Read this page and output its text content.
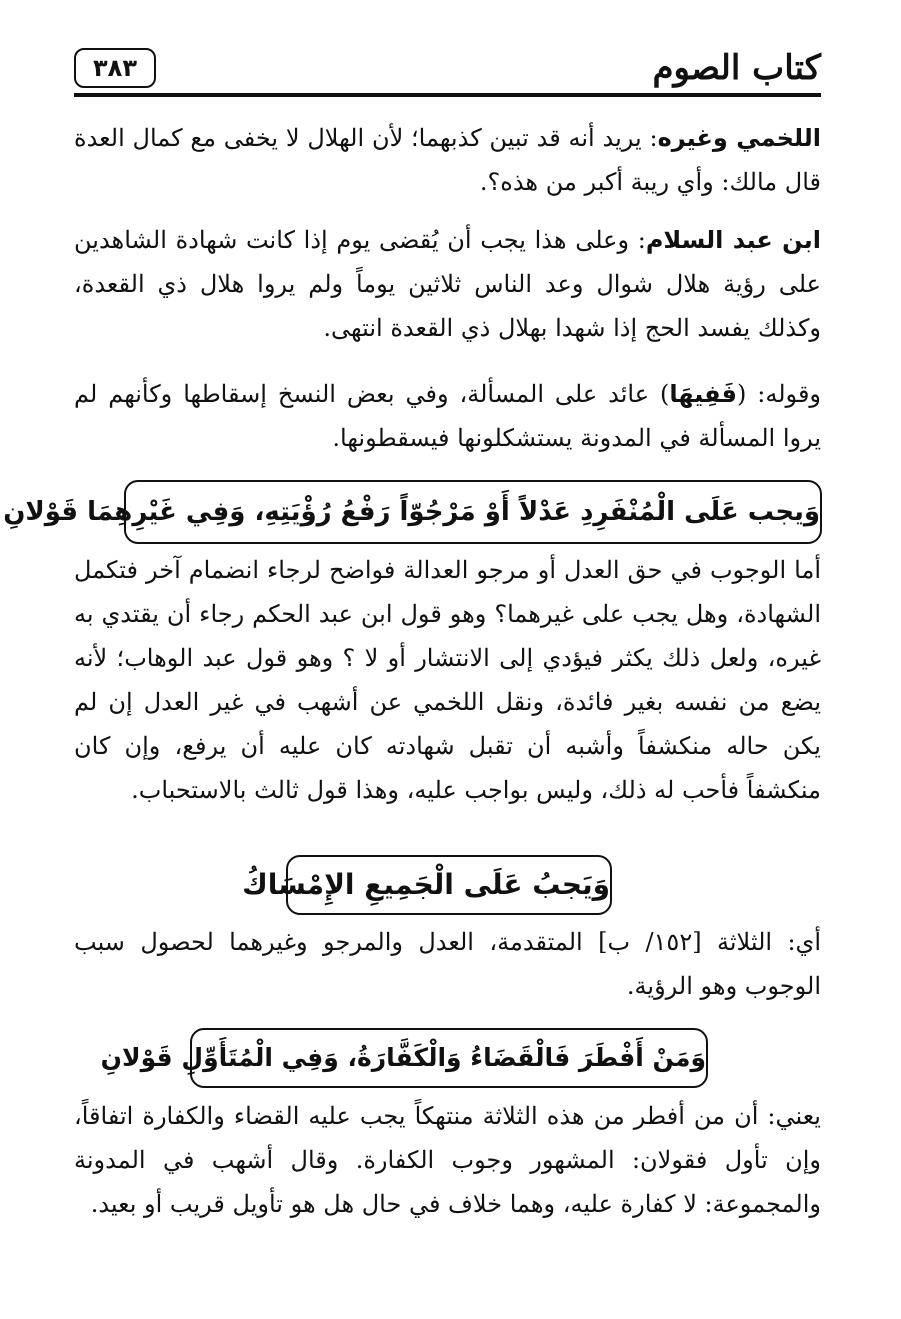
كتاب الصوم
٣٨٣

اللخمي وغيره: يريد أنه قد تبين كذبهما؛ لأن الهلال لا يخفى مع كمال العدة قال مالك: وأي ريبة أكبر من هذه؟.

ابن عبد السلام: وعلى هذا يجب أن يُقضى يوم إذا كانت شهادة الشاهدين على رؤية هلال شوال وعد الناس ثلاثين يوماً ولم يروا هلال ذي القعدة، وكذلك يفسد الحج إذا شهدا بهلال ذي القعدة انتهى.

وقوله: (فَفِيهَا) عائد على المسألة، وفي بعض النسخ إسقاطها وكأنهم لم يروا المسألة في المدونة يستشكلونها فيسقطونها.

وَيجب عَلَى الْمُنْفَرِدِ عَدْلاً أَوْ مَرْجُوّاً رَفْعُ رُؤْيَتِهِ، وَفِي غَيْرِهِمَا قَوْلانِ

أما الوجوب في حق العدل أو مرجو العدالة فواضح لرجاء انضمام آخر فتكمل الشهادة، وهل يجب على غيرهما؟ وهو قول ابن عبد الحكم رجاء أن يقتدي به غيره، ولعل ذلك يكثر فيؤدي إلى الانتشار أو لا ؟ وهو قول عبد الوهاب؛ لأنه يضع من نفسه بغير فائدة، ونقل اللخمي عن أشهب في غير العدل إن لم يكن حاله منكشفاً وأشبه أن تقبل شهادته كان عليه أن يرفع، وإن كان منكشفاً فأحب له ذلك، وليس بواجب عليه، وهذا قول ثالث بالاستحباب.

وَيَجبُ عَلَى الْجَمِيعِ الإِمْسَاكُ

أي: الثلاثة [١٥٢/ ب] المتقدمة، العدل والمرجو وغيرهما لحصول سبب الوجوب وهو الرؤية.

وَمَنْ أَفْطَرَ فَالْقَضَاءُ وَالْكَفَّارَةُ، وَفِي الْمُتَأَوِّلِ قَوْلانِ

يعني: أن من أفطر من هذه الثلاثة منتهكاً يجب عليه القضاء والكفارة اتفاقاً، وإن تأول فقولان: المشهور وجوب الكفارة. وقال أشهب في المدونة والمجموعة: لا كفارة عليه، وهما خلاف في حال هل هو تأويل قريب أو بعيد.
